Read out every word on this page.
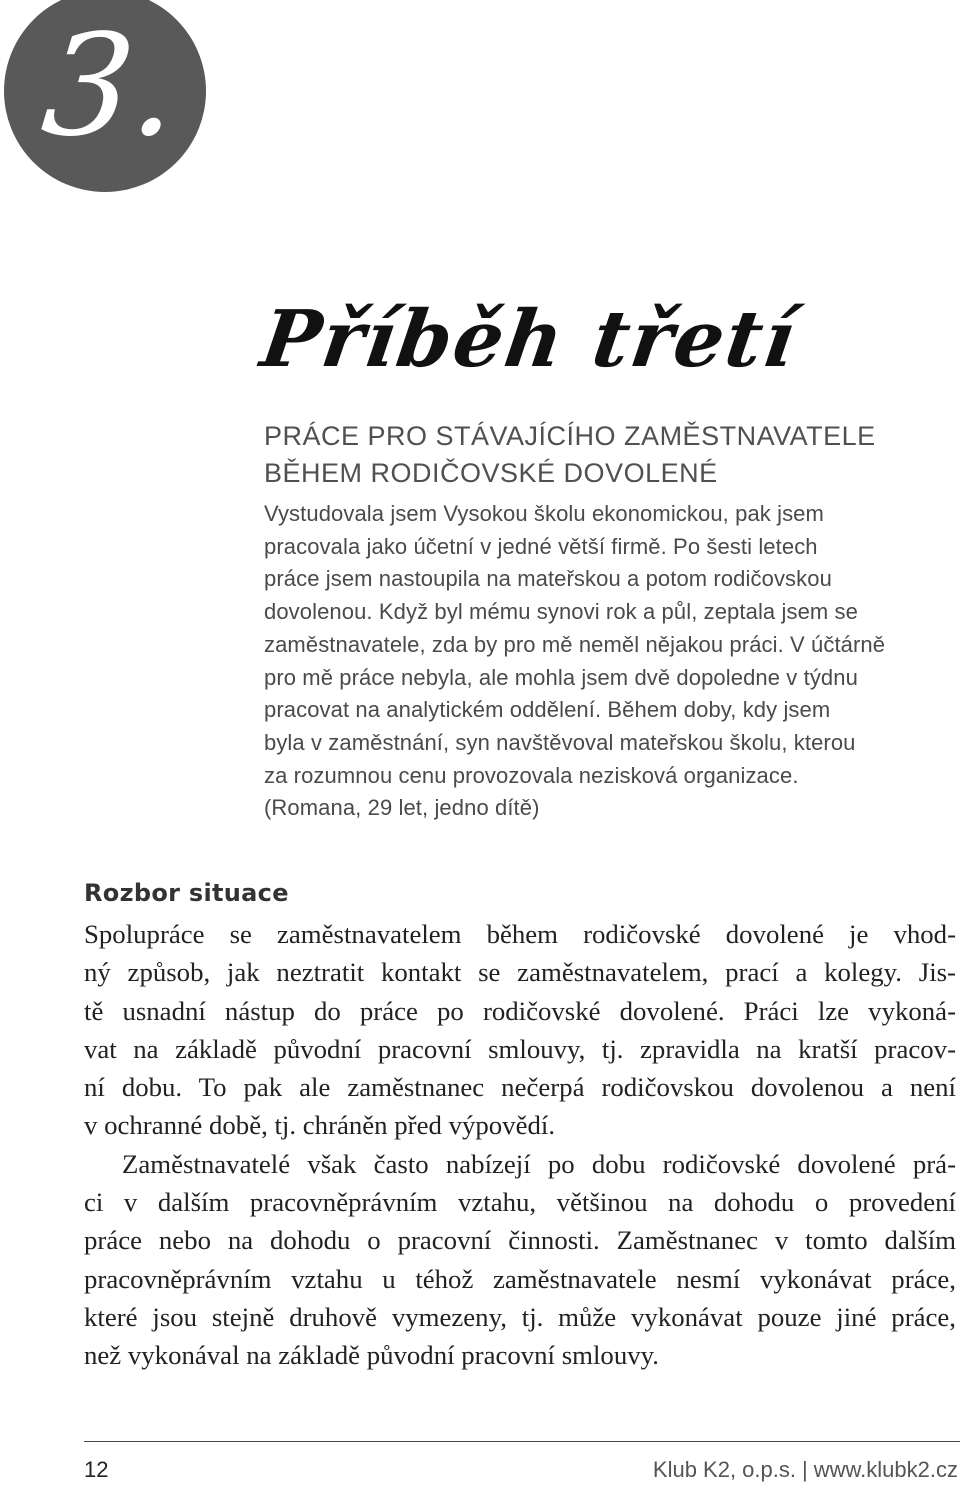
3.
Příběh třetí
PRÁCE PRO STÁVAJÍCÍHO ZAMĚSTNAVATELE
BĚHEM RODIČOVSKÉ DOVOLENÉ
Vystudovala jsem Vysokou školu ekonomickou, pak jsem
pracovala jako účetní v jedné větší firmě. Po šesti letech
práce jsem nastoupila na mateřskou a potom rodičovskou
dovolenou. Když byl mému synovi rok a půl, zeptala jsem se
zaměstnavatele, zda by pro mě neměl nějakou práci. V účtárně
pro mě práce nebyla, ale mohla jsem dvě dopoledne v týdnu
pracovat na analytickém oddělení. Během doby, kdy jsem
byla v zaměstnání, syn navštěvoval mateřskou školu, kterou
za rozumnou cenu provozovala nezisková organizace.
(Romana, 29 let, jedno dítě)
Rozbor situace
Spolupráce se zaměstnavatelem během rodičovské dovolené je vhod-
ný způsob, jak neztratit kontakt se zaměstnavatelem, prací a kolegy. Jis-
tě usnadní nástup do práce po rodičovské dovolené. Práci lze vykoná-
vat na základě původní pracovní smlouvy, tj. zpravidla na kratší pracov-
ní dobu. To pak ale zaměstnanec nečerpá rodičovskou dovolenou a není
v ochranné době, tj. chráněn před výpovědí.
Zaměstnavatelé však často nabízejí po dobu rodičovské dovolené prá-
ci v dalším pracovněprávním vztahu, většinou na dohodu o provedení
práce nebo na dohodu o pracovní činnosti. Zaměstnanec v tomto dalším
pracovněprávním vztahu u téhož zaměstnavatele nesmí vykonávat práce,
které jsou stejně druhově vymezeny, tj. může vykonávat pouze jiné práce,
než vykonával na základě původní pracovní smlouvy.
12	Klub K2, o.p.s. | www.klubk2.cz
